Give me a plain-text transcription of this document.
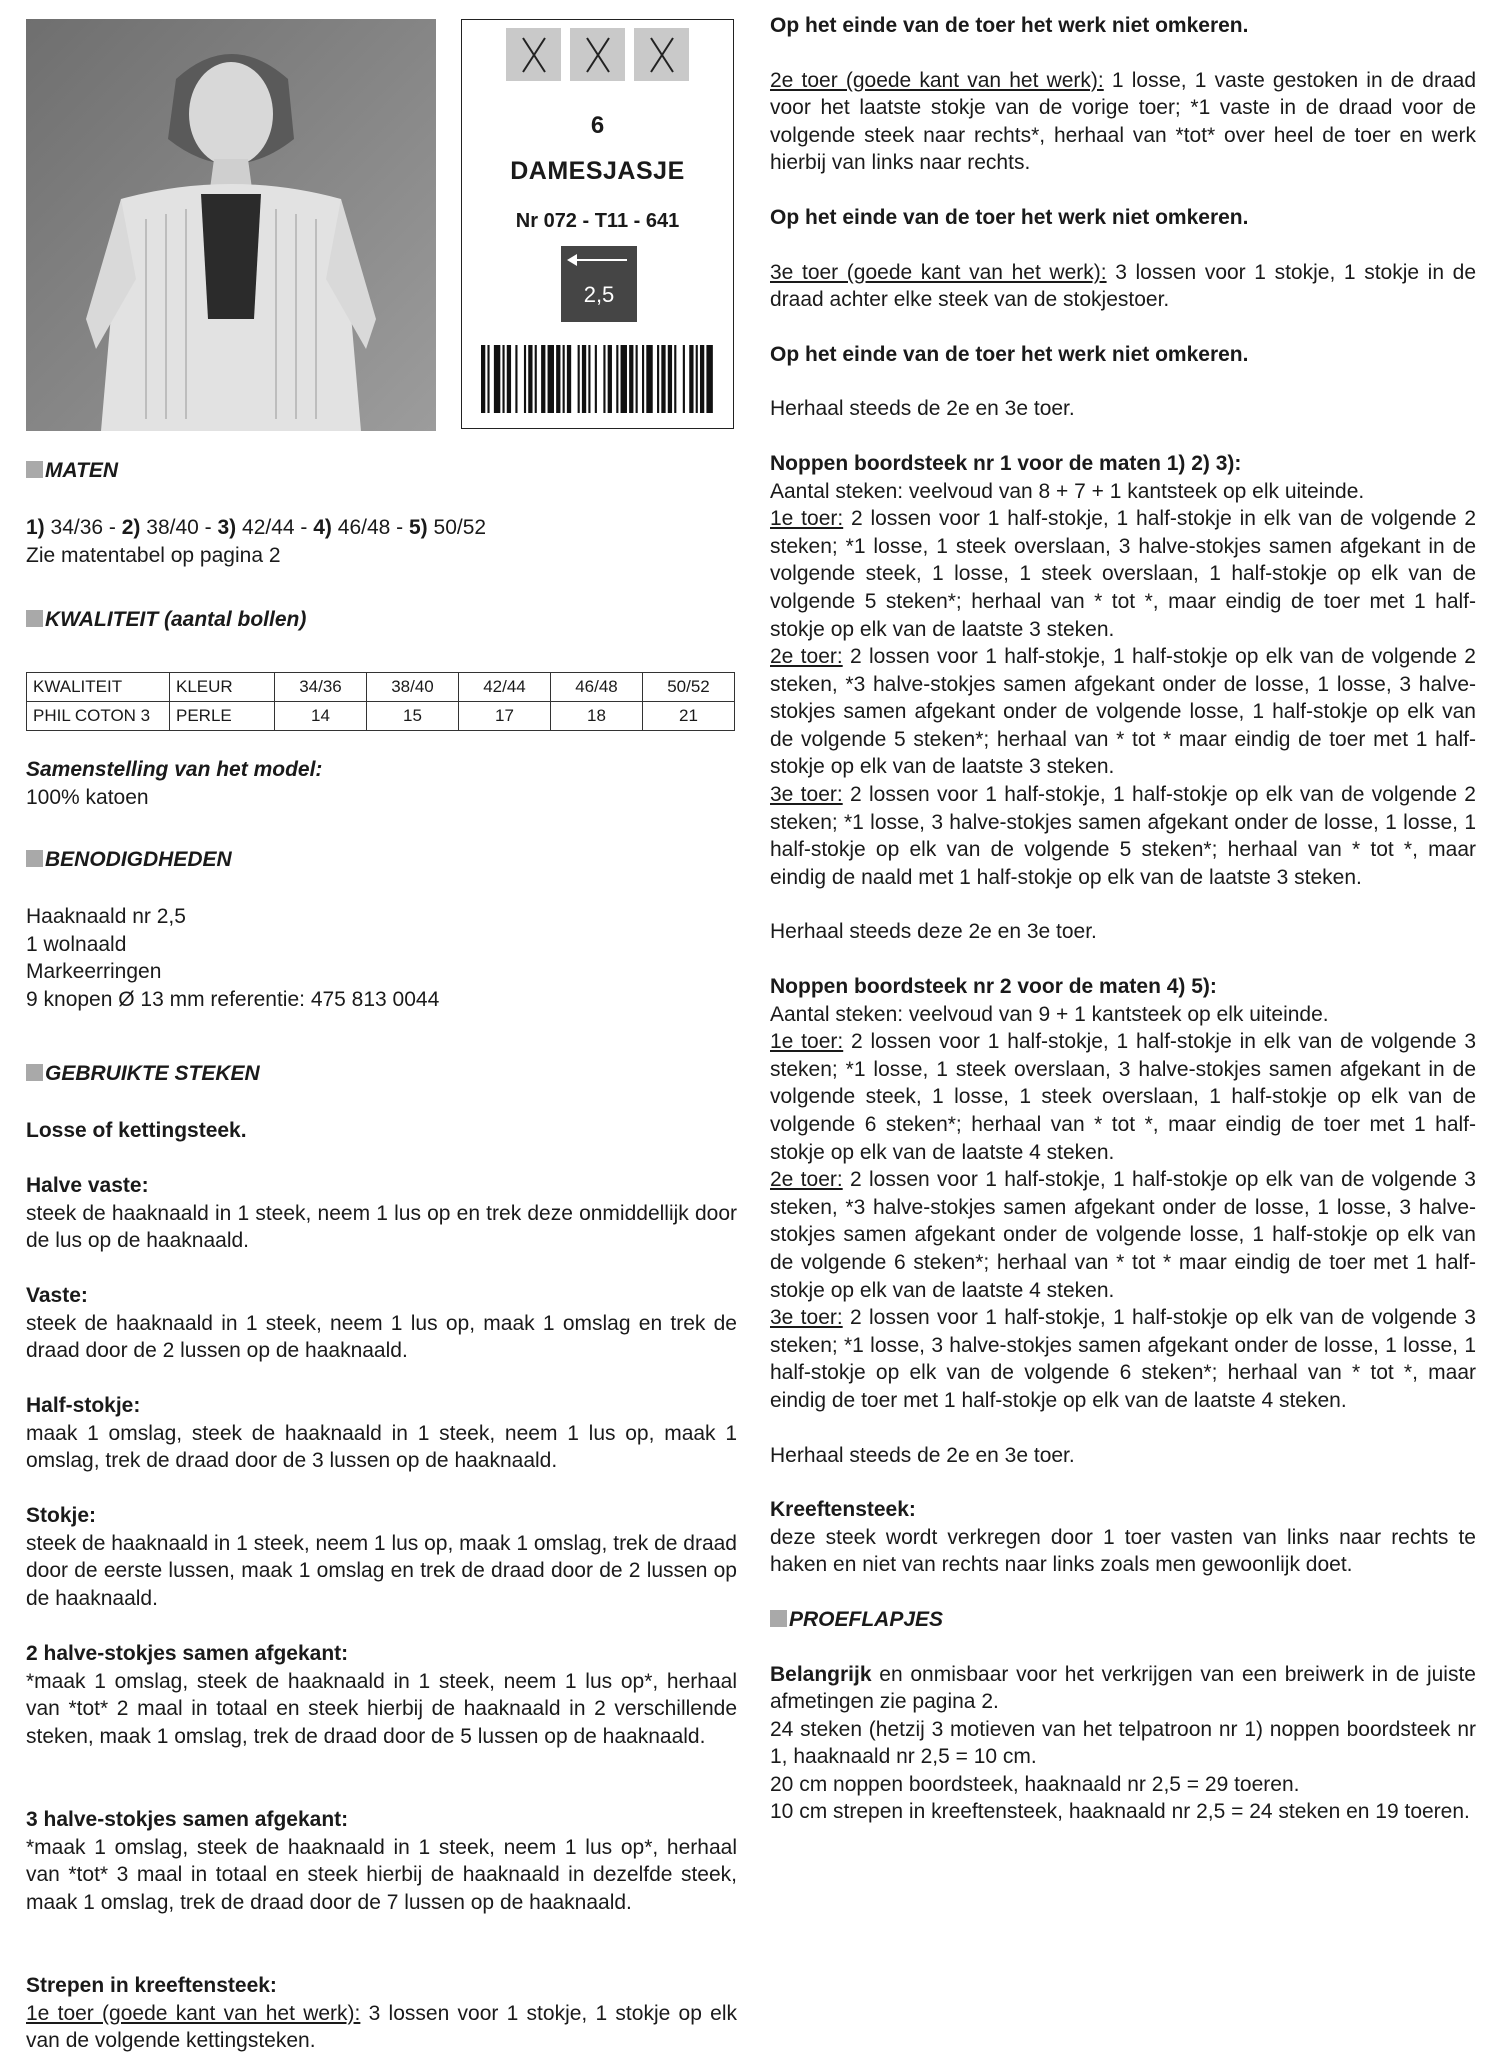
6
DAMESJASJE
Nr 072 - T11 - 641
2,5
MATEN
1) 34/36 - 2) 38/40 - 3) 42/44 - 4) 46/48 - 5) 50/52
Zie matentabel op pagina 2
KWALITEIT (aantal bollen)
KWALITEIT	KLEUR	34/36	38/40	42/44	46/48	50/52
PHIL COTON 3	PERLE	14	15	17	18	21
Samenstelling van het model:
100% katoen
BENODIGDHEDEN

Haaknaald nr 2,5

1 wolnaald

Markeerringen

9 knopen Ø 13 mm referentie: 475 813 0044

GEBRUIKTE STEKEN
Losse of kettingsteek.

Halve vaste:

steek de haaknaald in 1 steek, neem 1 lus op en trek deze onmiddellijk door de lus op de haaknaald.

Vaste:

steek de haaknaald in 1 steek, neem 1 lus op, maak 1 omslag en trek de draad door de 2 lussen op de haaknaald.

Half-stokje:

maak 1 omslag, steek de haaknaald in 1 steek, neem 1 lus op, maak 1 omslag, trek de draad door de 3 lussen op de haaknaald.

Stokje:

steek de haaknaald in 1 steek, neem 1 lus op, maak 1 omslag, trek de draad door de eerste lussen, maak 1 omslag en trek de draad door de 2 lussen op de haaknaald.

2 halve-stokjes samen afgekant:

*maak 1 omslag, steek de haaknaald in 1 steek, neem 1 lus op*, herhaal van *tot* 2 maal in totaal en steek hierbij de haaknaald in 2 verschillende steken, maak 1 omslag, trek de draad door de 5 lussen op de haaknaald.

3 halve-stokjes samen afgekant:

*maak 1 omslag, steek de haaknaald in 1 steek, neem 1 lus op*, herhaal van *tot* 3 maal in totaal en steek hierbij de haaknaald in dezelfde steek, maak 1 omslag, trek de draad door de 7 lussen op de haaknaald.

Strepen in kreeftensteek:

1e toer (goede kant van het werk): 3 lossen voor 1 stokje, 1 stokje op elk van de volgende kettingsteken.

Op het einde van de toer het werk niet omkeren.

2e toer (goede kant van het werk): 1 losse, 1 vaste gestoken in de draad voor het laatste stokje van de vorige toer; *1 vaste in de draad voor de volgende steek naar rechts*, herhaal van *tot* over heel de toer en werk hierbij van links naar rechts.

Op het einde van de toer het werk niet omkeren.

3e toer (goede kant van het werk): 3 lossen voor 1 stokje, 1 stokje in de draad achter elke steek van de stokjestoer.

Op het einde van de toer het werk niet omkeren.

Herhaal steeds de 2e en 3e toer.

Noppen boordsteek nr 1 voor de maten 1) 2) 3):

Aantal steken: veelvoud van 8 + 7 + 1 kantsteek op elk uiteinde.

1e toer: 2 lossen voor 1 half-stokje, 1 half-stokje in elk van de volgende 2 steken; *1 losse, 1 steek overslaan, 3 halve-stokjes samen afgekant in de volgende steek, 1 losse, 1 steek overslaan, 1 half-stokje op elk van de volgende 5 steken*; herhaal van * tot *, maar eindig de toer met 1 half-stokje op elk van de laatste 3 steken.

2e toer: 2 lossen voor 1 half-stokje, 1 half-stokje op elk van de volgende 2 steken, *3 halve-stokjes samen afgekant onder de losse, 1 losse, 3 halve-stokjes samen afgekant onder de volgende losse, 1 half-stokje op elk van de volgende 5 steken*; herhaal van * tot * maar eindig de toer met 1 half-stokje op elk van de laatste 3 steken.

3e toer: 2 lossen voor 1 half-stokje, 1 half-stokje op elk van de volgende 2 steken; *1 losse, 3 halve-stokjes samen afgekant onder de losse, 1 losse, 1 half-stokje op elk van de volgende 5 steken*; herhaal van * tot *, maar eindig de naald met 1 half-stokje op elk van de laatste 3 steken.

Herhaal steeds deze 2e en 3e toer.

Noppen boordsteek nr 2 voor de maten 4) 5):

Aantal steken: veelvoud van 9 + 1 kantsteek op elk uiteinde.

1e toer: 2 lossen voor 1 half-stokje, 1 half-stokje in elk van de volgende 3 steken; *1 losse, 1 steek overslaan, 3 halve-stokjes samen afgekant in de volgende steek, 1 losse, 1 steek overslaan, 1 half-stokje op elk van de volgende 6 steken*; herhaal van * tot *, maar eindig de toer met 1 half-stokje op elk van de laatste 4 steken.

2e toer: 2 lossen voor 1 half-stokje, 1 half-stokje op elk van de volgende 3 steken, *3 halve-stokjes samen afgekant onder de losse, 1 losse, 3 halve-stokjes samen afgekant onder de volgende losse, 1 half-stokje op elk van de volgende 6 steken*; herhaal van * tot * maar eindig de toer met 1 half-stokje op elk van de laatste 4 steken.

3e toer: 2 lossen voor 1 half-stokje, 1 half-stokje op elk van de volgende 3 steken; *1 losse, 3 halve-stokjes samen afgekant onder de losse, 1 losse, 1 half-stokje op elk van de volgende 6 steken*; herhaal van * tot *, maar eindig de toer met 1 half-stokje op elk van de laatste 4 steken.

Herhaal steeds de 2e en 3e toer.

Kreeftensteek:

deze steek wordt verkregen door 1 toer vasten van links naar rechts te haken en niet van rechts naar links zoals men gewoonlijk doet.

PROEFLAPJES

Belangrijk en onmisbaar voor het verkrijgen van een breiwerk in de juiste afmetingen zie pagina 2.

24 steken (hetzij 3 motieven van het telpatroon nr 1) noppen boordsteek nr 1, haaknaald nr 2,5 = 10 cm.

20 cm noppen boordsteek, haaknaald nr 2,5 = 29 toeren.

10 cm strepen in kreeftensteek, haaknaald nr 2,5 = 24 steken en 19 toeren.
